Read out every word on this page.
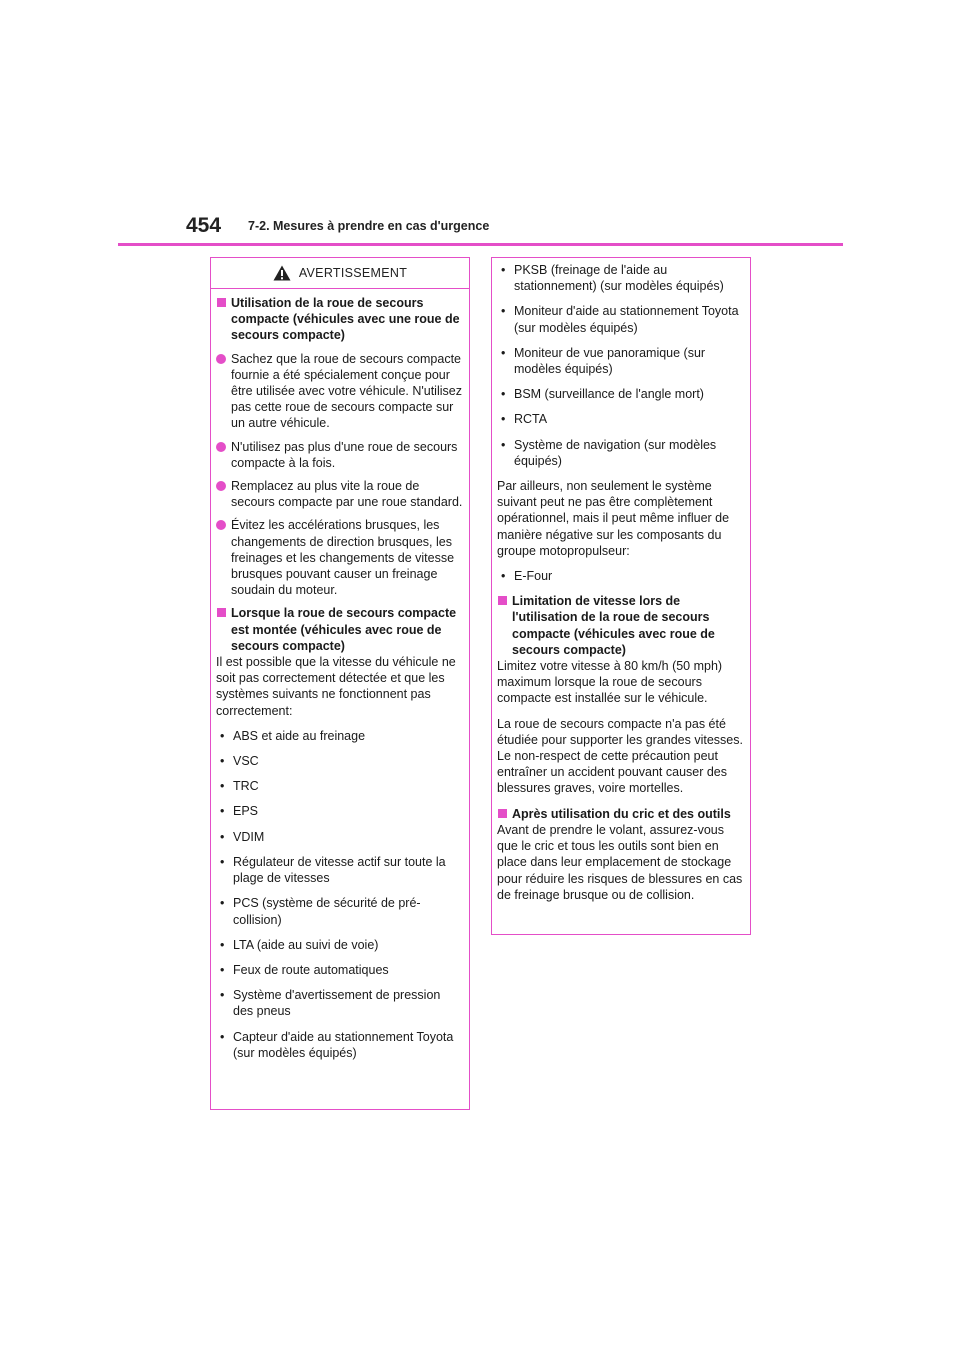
454 7-2. Mesures à prendre en cas d'urgence
AVERTISSEMENT
Utilisation de la roue de secours compacte (véhicules avec une roue de secours compacte)
Sachez que la roue de secours compacte fournie a été spécialement conçue pour être utilisée avec votre véhicule. N'utilisez pas cette roue de secours compacte sur un autre véhicule.
N'utilisez pas plus d'une roue de secours compacte à la fois.
Remplacez au plus vite la roue de secours compacte par une roue standard.
Évitez les accélérations brusques, les changements de direction brusques, les freinages et les changements de vitesse brusques pouvant causer un freinage soudain du moteur.
Lorsque la roue de secours compacte est montée (véhicules avec roue de secours compacte)
Il est possible que la vitesse du véhicule ne soit pas correctement détectée et que les systèmes suivants ne fonctionnent pas correctement:
• ABS et aide au freinage
• VSC
• TRC
• EPS
• VDIM
• Régulateur de vitesse actif sur toute la plage de vitesses
• PCS (système de sécurité de pré-collision)
• LTA (aide au suivi de voie)
• Feux de route automatiques
• Système d'avertissement de pression des pneus
• Capteur d'aide au stationnement Toyota (sur modèles équipés)
• PKSB (freinage de l'aide au stationnement) (sur modèles équipés)
• Moniteur d'aide au stationnement Toyota (sur modèles équipés)
• Moniteur de vue panoramique (sur modèles équipés)
• BSM (surveillance de l'angle mort)
• RCTA
• Système de navigation (sur modèles équipés)
Par ailleurs, non seulement le système suivant peut ne pas être complètement opérationnel, mais il peut même influer de manière négative sur les composants du groupe motopropulseur:
• E-Four
Limitation de vitesse lors de l'utilisation de la roue de secours compacte (véhicules avec roue de secours compacte)
Limitez votre vitesse à 80 km/h (50 mph) maximum lorsque la roue de secours compacte est installée sur le véhicule.
La roue de secours compacte n'a pas été étudiée pour supporter les grandes vitesses. Le non-respect de cette précaution peut entraîner un accident pouvant causer des blessures graves, voire mortelles.
Après utilisation du cric et des outils
Avant de prendre le volant, assurez-vous que le cric et tous les outils sont bien en place dans leur emplacement de stockage pour réduire les risques de blessures en cas de freinage brusque ou de collision.
